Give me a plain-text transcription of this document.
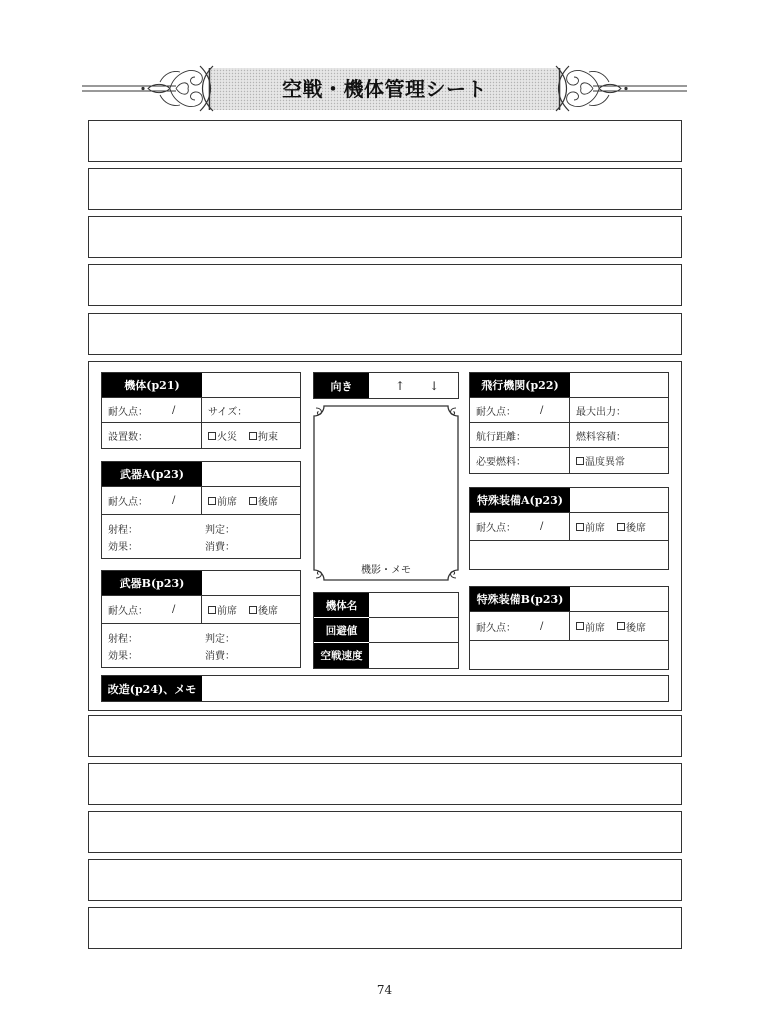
空戦・機体管理シート
機体(p21)
耐久点： /	サイズ：
設置数：	火災 拘束
武器A(p23)
耐久点： /	前席 後席
射程：	判定：
効果：	消費：
武器B(p23)
耐久点： /	前席 後席
射程：	判定：
効果：	消費：
向き	↑ ↓
機影・メモ
機体名
回避値
空戦速度
飛行機関(p22)
耐久点： /	最大出力：
航行距離：	燃料容積：
必要燃料：	温度異常
特殊装備A(p23)
耐久点： /	前席 後席
特殊装備B(p23)
耐久点： /	前席 後席
改造(p24)、メモ
74
